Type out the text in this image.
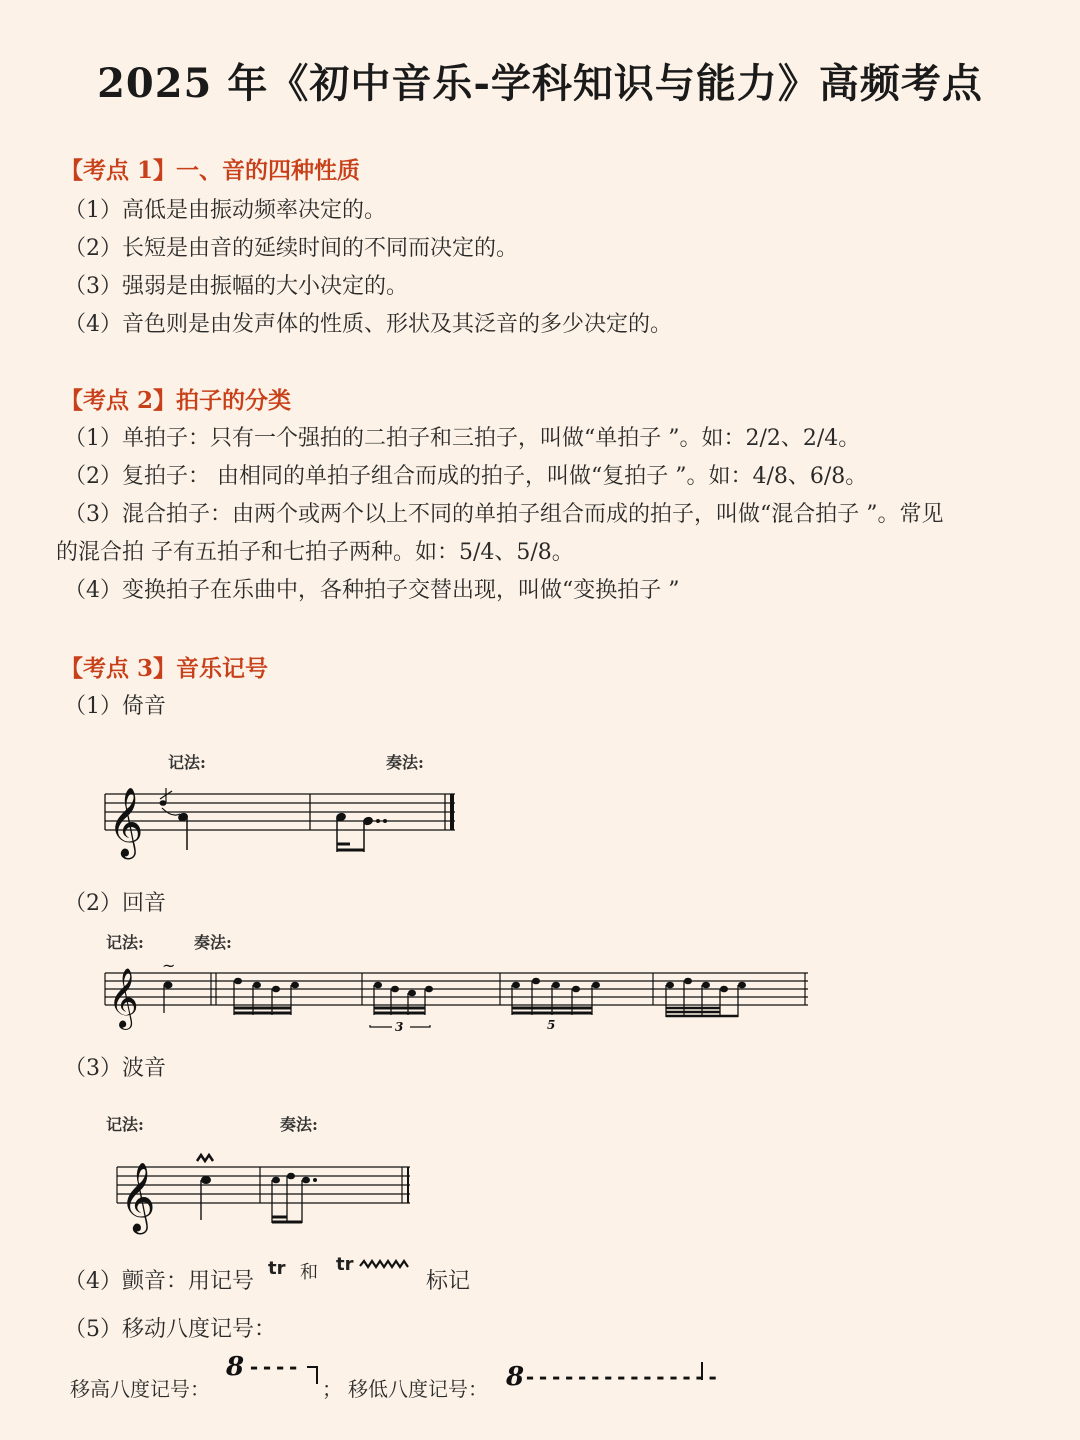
2025 年《初中音乐-学科知识与能力》高频考点
【考点 1】一、音的四种性质
（1）高低是由振动频率决定的。
（2）长短是由音的延续时间的不同而决定的。
（3）强弱是由振幅的大小决定的。
（4）音色则是由发声体的性质、形状及其泛音的多少决定的。
【考点 2】拍子的分类
（1）单拍子：只有一个强拍的二拍子和三拍子，叫做“单拍子 ”。如：2/2、2/4。
（2）复拍子： 由相同的单拍子组合而成的拍子，叫做“复拍子 ”。如：4/8、6/8。
（3）混合拍子：由两个或两个以上不同的单拍子组合而成的拍子，叫做“混合拍子 ”。常见
的混合拍 子有五拍子和七拍子两种。如：5/4、5/8。
（4）变换拍子在乐曲中，各种拍子交替出现，叫做“变换拍子 ”
【考点 3】音乐记号
（1）倚音
记法:	奏法:
𝄞
（2）回音
记法:	奏法:
𝄞
~
3	5
（3）波音
记法:	奏法:
𝄞
（4）颤音：用记号
tr 和 tr
标记
（5）移动八度记号：
移高八度记号：
8 ----
； 移低八度记号： 8 ---------------
